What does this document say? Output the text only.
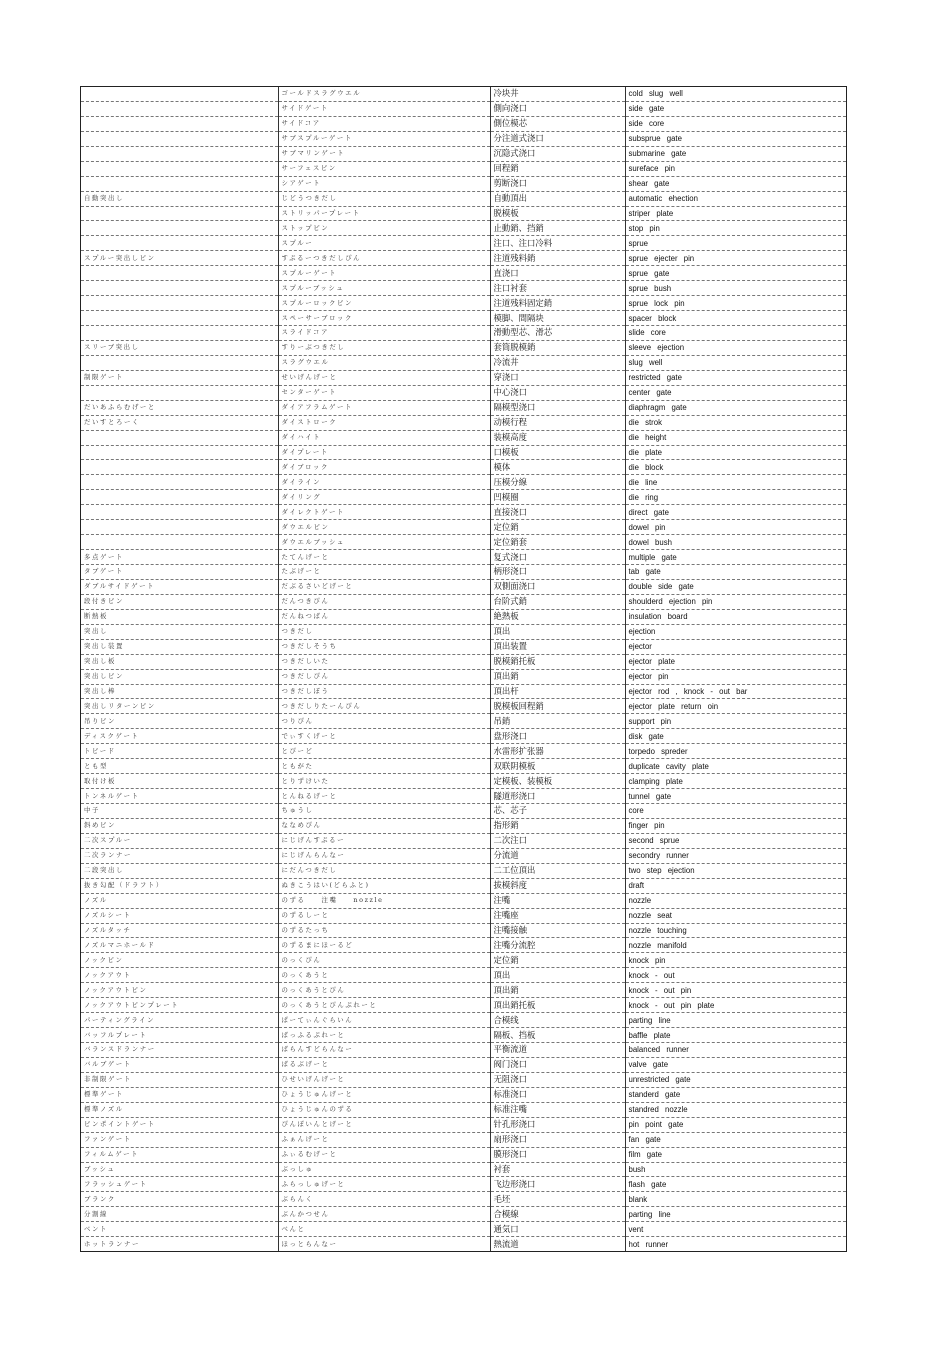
	ゴールドスラグウエル	冷块井	cold slug well
	サイドゲート	側向浇口	side gate
	サイドコア	側位模芯	side core
	サブスプルーゲート	分注道式浇口	subsprue gate
	サブマリンゲート	沉隐式浇口	submarine gate
	サーフェスピン	回程銷	sureface pin
	シアゲート	剪断浇口	shear gate
自動突出し	じどうつきだし	自動頂出	automatic ehection
	ストリッパープレート	脱模板	striper plate
	ストップピン	止動銷、挡銷	stop pin
	スプルー	注口、注口冷料	sprue
スプルー突出しピン	すぷるーつきだしぴん	注道残料銷	sprue ejecter pin
	スプルーゲート	直浇口	sprue gate
	スプルーブッシュ	注口衬套	sprue bush
	スプルーロックピン	注道残料固定銷	sprue lock pin
	スペーサーブロック	模脚、間隔块	spacer block
	スライドコア	滑動型芯、滑芯	slide core
スリーブ突出し	すりーぶつきだし	套筒脱模銷	sleeve ejection
	スラグウエル	冷流井	slug well
制限ゲート	せいげんげーと	穿浇口	restricted gate
	センターゲート	中心浇口	center gate
だいあふらむげーと	ダイアフラムゲート	隔模型浇口	diaphragm gate
だいすとろーく	ダイストローク	动模行程	die strok
	ダイハイト	装模高度	die height
	ダイプレート	口模板	die plate
	ダイブロック	模体	die block
	ダイライン	压模分線	die line
	ダイリング	凹模圈	die ring
	ダイレクトゲート	直接浇口	direct gate
	ダウエルピン	定位銷	dowel pin
	ダウエルブッシュ	定位銷套	dowel bush
多点ゲート	たてんげーと	复式浇口	multiple gate
タブゲート	たぶげーと	柄形浇口	tab gate
ダブルサイドゲート	だぶるさいどげーと	双側面浇口	double side gate
段付きピン	だんつきぴん	台阶式銷	shoulderd ejection pin
断熱板	だんねつばん	絶熱板	insulation board
突出し	つきだし	頂出	ejection
突出し装置	つきだしそうち	頂出装置	ejector
突出し板	つきだしいた	脱模銷托板	ejector plate
突出しピン	つきだしぴん	頂出銷	ejector pin
突出し棒	つきだしぼう	頂出杆	ejector rod , knock - out bar
突出しリターンピン	つきだしりたーんぴん	脱模板回程銷	ejector plate return oin
吊りピン	つりぴん	吊銷	support pin
ディスクゲート	でぃすくげーと	盘形浇口	disk gate
トピード	とぴーど	水雷形扩张器	torpedo spreder
とも型	ともがた	双联阴模板	duplicate cavity plate
取付け板	とりずけいた	定模板、装模板	clamping plate
トンネルゲート	とんねるげーと	隧道形浇口	tunnel gate
中子	ちゅうし	芯、芯子	core
斜めピン	ななめぴん	指形銷	finger pin
二次スプルー	にじげんすぷるー	二次注口	second sprue
二次ランナー	にじげんらんなー	分流道	secondry runner
二段突出し	にだんつきだし	二工位頂出	two step ejection
抜き勾配（ドラフト）	ぬきこうはい(どらふと)	拔模斜度	draft
ノズル	のずる　　注嘴　　nozzle	注嘴	nozzle
ノズルシート	のずるしーと	注嘴座	nozzle seat
ノズルタッチ	のずるたっち	注嘴接触	nozzle touching
ノズルマニホールド	のずるまにほーるど	注嘴分流腔	nozzle manifold
ノックピン	のっくぴん	定位銷	knock pin
ノックアウト	のっくあうと	頂出	knock - out
ノックアウトピン	のっくあうとぴん	頂出銷	knock - out pin
ノックアウトピンプレート	のっくあうとぴんぷれーと	頂出銷托板	knock - out pin plate
パーティングライン	ぱーてぃんぐらいん	合模线	parting line
バッフルプレート	ばっふるぷれーと	隔板、挡板	baffle plate
バランスドランナー	ばらんすどらんなー	平衡流道	balanced runner
バルブゲート	ばるぶげーと	阀门浇口	valve gate
非制限ゲート	ひせいげんげーと	无阻浇口	unrestricted gate
標準ゲート	ひょうじゅんげーと	标准浇口	standerd gate
標準ノズル	ひょうじゅんのずる	标准注嘴	standred nozzle
ピンポイントゲート	ぴんぽいんとげーと	针孔形浇口	pin point gate
ファンゲート	ふぁんげーと	扇形浇口	fan gate
フィルムゲート	ふぃるむげーと	膜形浇口	film gate
ブッシュ	ぶっしゅ	衬套	bush
フラッシュゲート	ふらっしゅげーと	飞边形浇口	flash gate
ブランク	ぶらんく	毛坯	blank
分割線	ぶんかつせん	合模線	parting line
ベント	べんと	通気口	vent
ホットランナー	ほっとらんなー	熱流道	hot runner
